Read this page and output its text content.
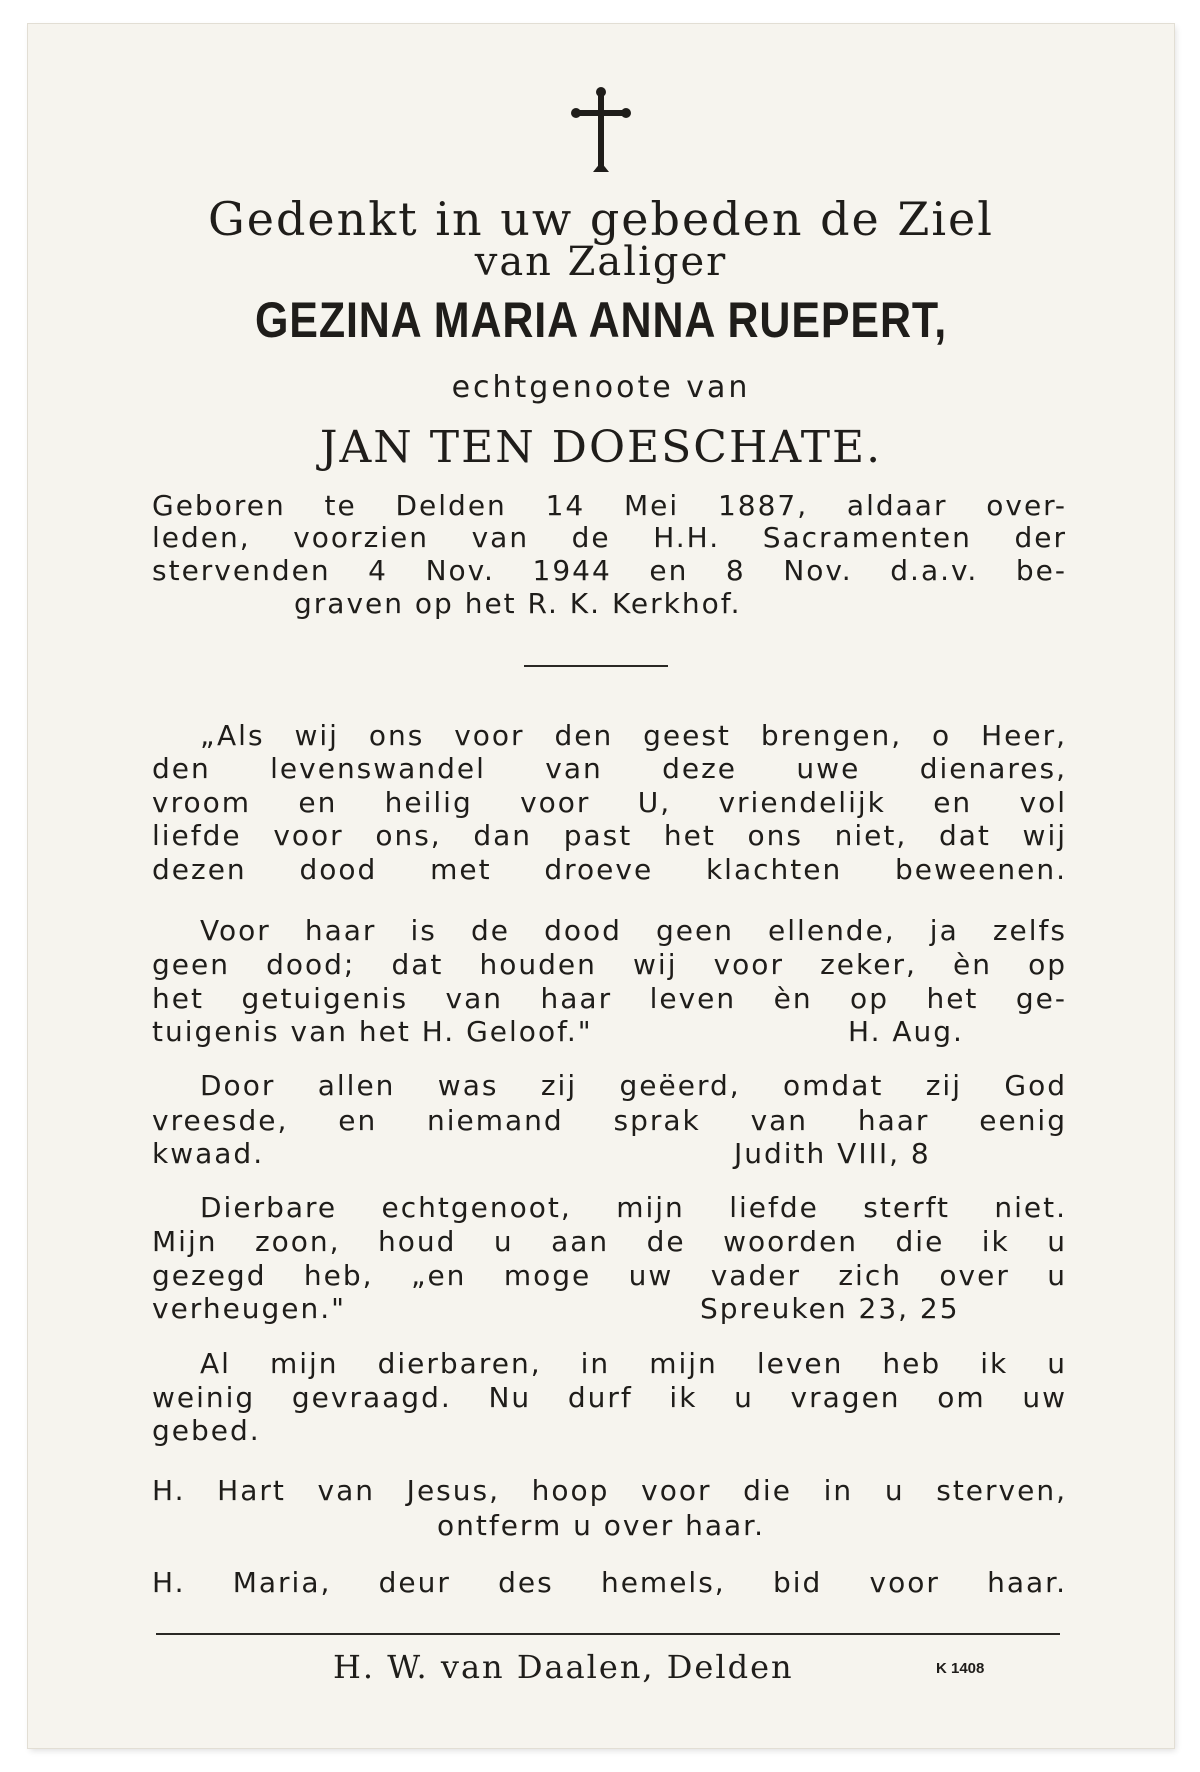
Gedenkt in uw gebeden de Ziel
van Zaliger
GEZINA MARIA ANNA RUEPERT,
echtgenoote van
JAN TEN DOESCHATE.
Geboren te Delden 14 Mei 1887, aldaar over-
leden, voorzien van de H.H. Sacramenten der
stervenden 4 Nov. 1944 en 8 Nov. d.a.v. be-
graven op het R. K. Kerkhof.
„Als wij ons voor den geest brengen, o Heer,
den levenswandel van deze uwe dienares,
vroom en heilig voor U, vriendelijk en vol
liefde voor ons, dan past het ons niet, dat wij
dezen dood met droeve klachten beweenen.
Voor haar is de dood geen ellende, ja zelfs
geen dood; dat houden wij voor zeker, èn op
het getuigenis van haar leven èn op het ge-
tuigenis van het H. Geloof."	H. Aug.
Door allen was zij geëerd, omdat zij God
vreesde, en niemand sprak van haar eenig
kwaad.	Judith VIII, 8
Dierbare echtgenoot, mijn liefde sterft niet.
Mijn zoon, houd u aan de woorden die ik u
gezegd heb, „en moge uw vader zich over u
verheugen."	Spreuken 23, 25
Al mijn dierbaren, in mijn leven heb ik u
weinig gevraagd. Nu durf ik u vragen om uw
gebed.
H. Hart van Jesus, hoop voor die in u sterven,
ontferm u over haar.
H. Maria, deur des hemels, bid voor haar.
H. W. van Daalen, Delden	K 1408
